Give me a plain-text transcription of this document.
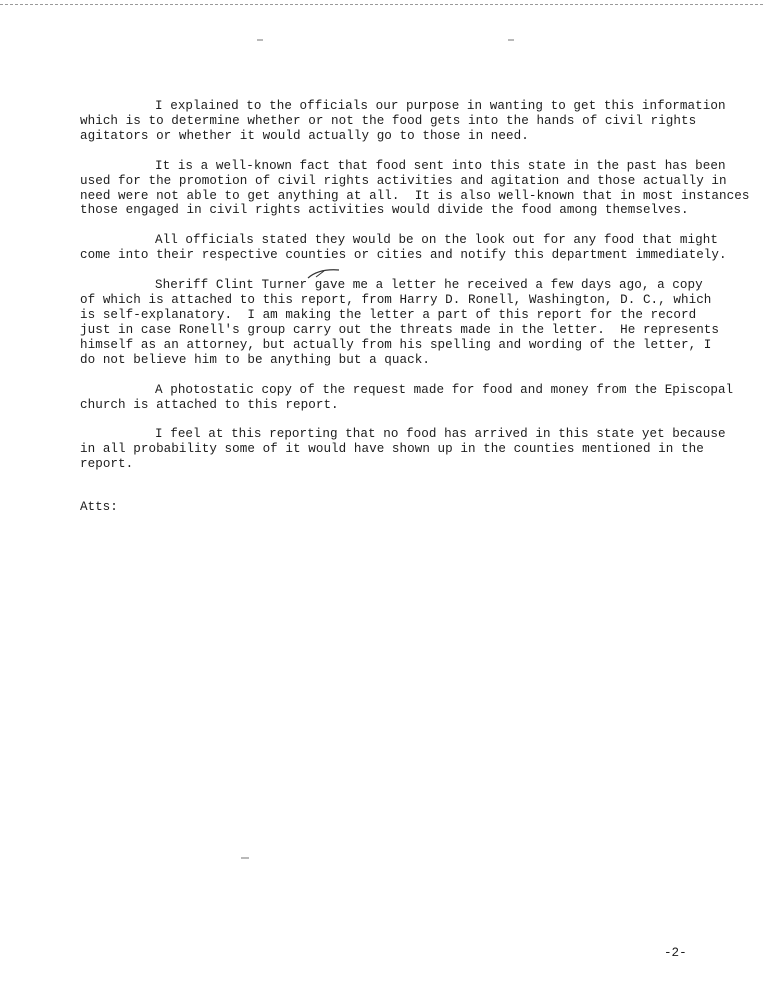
I explained to the officials our purpose in wanting to get this information
which is to determine whether or not the food gets into the hands of civil rights
agitators or whether it would actually go to those in need.

It is a well-known fact that food sent into this state in the past has been
used for the promotion of civil rights activities and agitation and those actually in
need were not able to get anything at all.  It is also well-known that in most instances
those engaged in civil rights activities would divide the food among themselves.

All officials stated they would be on the look out for any food that might
come into their respective counties or cities and notify this department immediately.

Sheriff Clint Turner gave me a letter he received a few days ago, a copy
of which is attached to this report, from Harry D. Ronell, Washington, D. C., which
is self-explanatory.  I am making the letter a part of this report for the record
just in case Ronell's group carry out the threats made in the letter.  He represents
himself as an attorney, but actually from his spelling and wording of the letter, I
do not believe him to be anything but a quack.

A photostatic copy of the request made for food and money from the Episcopal
church is attached to this report.

I feel at this reporting that no food has arrived in this state yet because
in all probability some of it would have shown up in the counties mentioned in the
report.

Atts:
-2-
